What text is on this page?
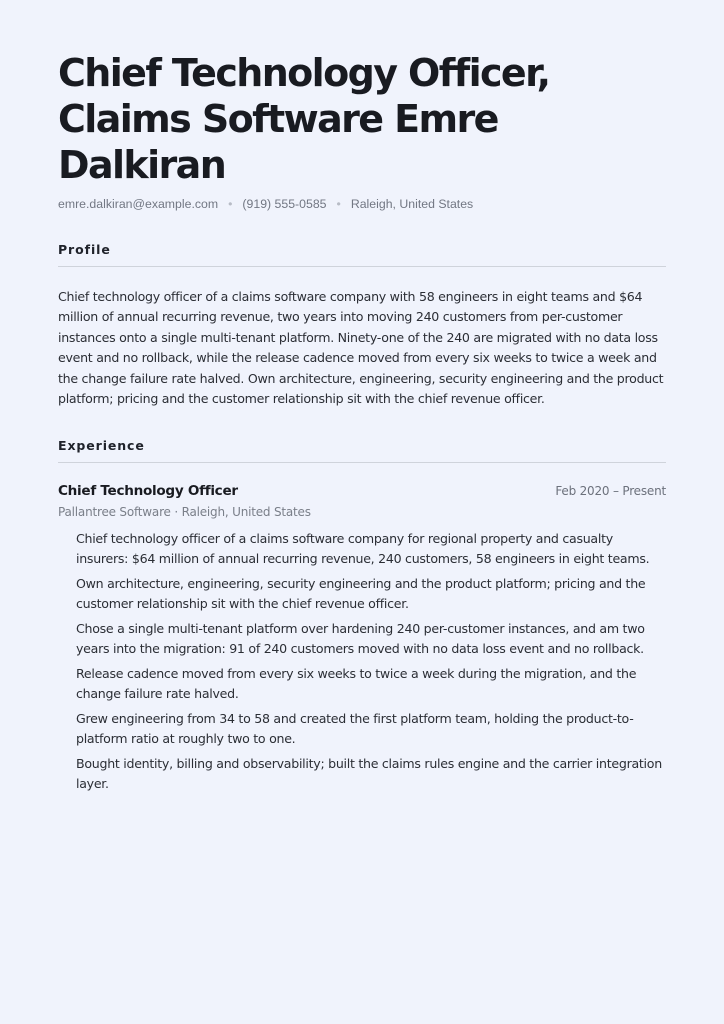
Chief Technology Officer, Claims Software Emre Dalkiran
emre.dalkiran@example.com • (919) 555-0585 • Raleigh, United States
Profile

Chief technology officer of a claims software company with 58 engineers in eight teams and $64 million of annual recurring revenue, two years into moving 240 customers from per-customer instances onto a single multi-tenant platform. Ninety-one of the 240 are migrated with no data loss event and no rollback, while the release cadence moved from every six weeks to twice a week and the change failure rate halved. Own architecture, engineering, security engineering and the product platform; pricing and the customer relationship sit with the chief revenue officer.

Experience
Chief Technology Officer	Feb 2020 – Present
Pallantree Software · Raleigh, United States
Chief technology officer of a claims software company for regional property and casualty insurers: $64 million of annual recurring revenue, 240 customers, 58 engineers in eight teams.
Own architecture, engineering, security engineering and the product platform; pricing and the customer relationship sit with the chief revenue officer.
Chose a single multi-tenant platform over hardening 240 per-customer instances, and am two years into the migration: 91 of 240 customers moved with no data loss event and no rollback.
Release cadence moved from every six weeks to twice a week during the migration, and the change failure rate halved.
Grew engineering from 34 to 58 and created the first platform team, holding the product-to-platform ratio at roughly two to one.
Bought identity, billing and observability; built the claims rules engine and the carrier integration layer.
